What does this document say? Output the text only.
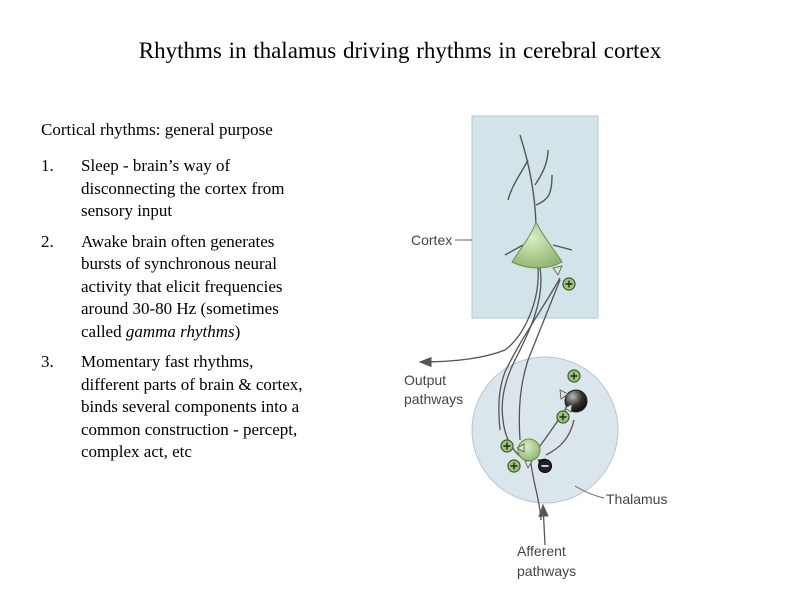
Rhythms in thalamus driving rhythms in cerebral cortex
Cortical rhythms: general purpose
1.	Sleep - brain’s way of
disconnecting the cortex from
sensory input
2.	Awake brain often generates
bursts of synchronous neural
activity that elicit frequencies
around 30-80 Hz (sometimes
called gamma rhythms)
3.	Momentary fast rhythms,
different parts of brain & cortex,
binds several components into a
common construction - percept,
complex act, etc
Cortex
Output
pathways
Thalamus
Afferent
pathways
